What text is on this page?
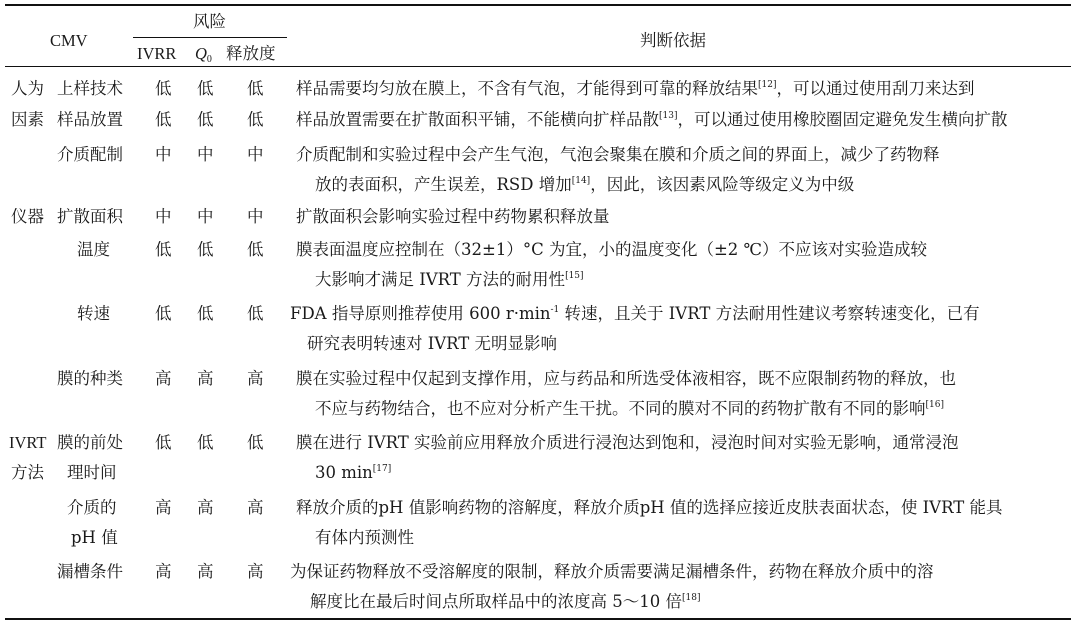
CMV
风险
IVRR $Q_0$ 释放度
判断依据
人为 上样技术 低 低 低 样品需要均匀放在膜上，不含有气泡，才能得到可靠的释放结果[12]，可以通过使用刮刀来达到
因素 样品放置 低 低 低 样品放置需要在扩散面积平铺，不能横向扩样品散[13]，可以通过使用橡胶圈固定避免发生横向扩散
介质配制 中 中 中 介质配制和实验过程中会产生气泡，气泡会聚集在膜和介质之间的界面上，减少了药物释
放的表面积，产生误差，RSD 增加[14]，因此，该因素风险等级定义为中级
仪器 扩散面积 中 中 中 扩散面积会影响实验过程中药物累积释放量
温度	低 低 低 膜表面温度应控制在（32±1）°C 为宜，小的温度变化（±2 ℃）不应该对实验造成较
大影响才满足 IVRT 方法的耐用性[15]
转速	低 低 低 FDA 指导原则推荐使用 600 $r\cdot\min^{-1}$ 转速，且关于 IVRT 方法耐用性建议考察转速变化，已有
研究表明转速对 IVRT 无明显影响
膜的种类 高 高 高 膜在实验过程中仅起到支撑作用，应与药品和所选受体液相容，既不应限制药物的释放，也
不应与药物结合，也不应对分析产生干扰。不同的膜对不同的药物扩散有不同的影响[16]
IVRT
方法
膜的前处
理时间
低 低 低 膜在进行 IVRT 实验前应用释放介质进行浸泡达到饱和，浸泡时间对实验无影响，通常浸泡
30 min[17]
介质的
pH 值
高 高 高 释放介质的pH 值影响药物的溶解度，释放介质pH 值的选择应接近皮肤表面状态，使 IVRT 能具
有体内预测性
漏槽条件 高 高 高 为保证药物释放不受溶解度的限制，释放介质需要满足漏槽条件，药物在释放介质中的溶
解度比在最后时间点所取样品中的浓度高 5～10 倍[18]
